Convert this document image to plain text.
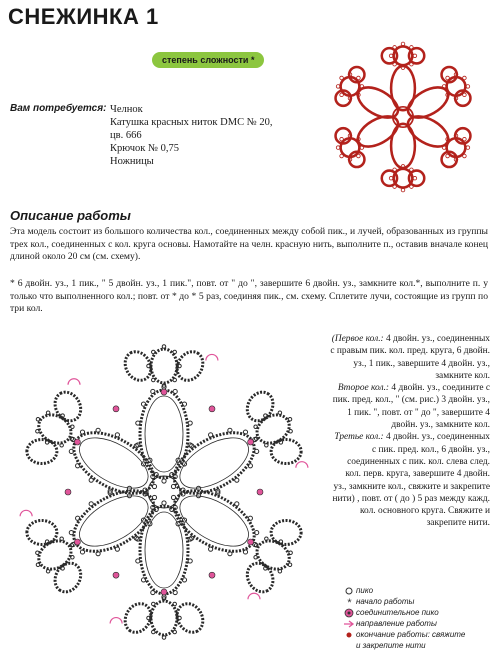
СНЕЖИНКА 1
степень сложности *
Вам потребуется: Челнок
Катушка красных ниток DMC № 20,
цв. 666
Крючок № 0,75
Ножницы
Описание работы
Эта модель состоит из большого количества кол., соединенных между собой пик., и лучей, образованных из группы трех кол., соединенных с кол. круга основы. Намотайте на челн. красную нить, выполните п., оставив вначале конец длиной около 20 см (см. схему).
* 6 двойн. уз., 1 пик., " 5 двойн. уз., 1 пик.", повт. от " до ", завершите 6 двойн. уз., замкните кол.*, выполните п. у только что выполненного кол.; повт. от * до * 5 раз, соединяя пик., см. схему. Сплетите лучи, состоящие из групп по три кол.
*

(Первое кол.: 4 двойн. уз., соединенных с правым пик. кол. пред. круга, 6 двойн. уз., 1 пик., завершите 4 двойн. уз., замкните кол.

Второе кол.: 4 двойн. уз., соедините с пик. пред. кол., " (см. рис.) 3 двойн. уз., 1 пик. ", повт. от " до ", завершите 4 двойн. уз., замкните кол.

Третье кол.: 4 двойн. уз., соединенных с пик. пред. кол., 6 двойн. уз., соединенных с пик. кол. слева след. кол. перв. круга, завершите 4 двойн. уз., замкните кол., свяжите и закрепите нити) , повт. от ( до ) 5 раз между кажд. кол. основного круга. Свяжите и закрепите нити.

пико
* начало работы
соединительное пико
направление работы
окончание работы: свяжите
и закрепите нити
